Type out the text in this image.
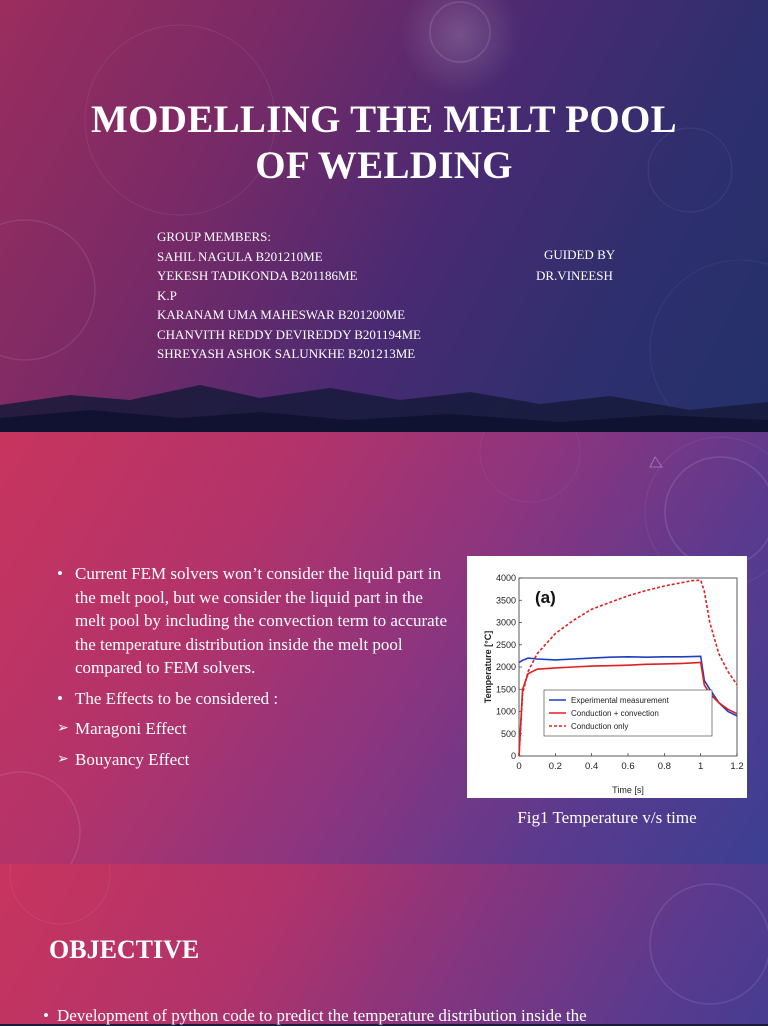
MODELLING THE MELT POOL
OF WELDING
GROUP MEMBERS:
SAHIL NAGULA B201210ME
YEKESH TADIKONDA B201186ME
K.P
KARANAM UMA MAHESWAR B201200ME
CHANVITH REDDY DEVIREDDY B201194ME
SHREYASH ASHOK SALUNKHE B201213ME
GUIDED BY
DR.VINEESH
• Current FEM solvers won’t consider the liquid part in the melt pool, but we consider the liquid part in the melt pool by including the convection term to accurate the temperature distribution inside the melt pool compared to FEM solvers.
• The Effects to be considered :
➢ Maragoni Effect
➢ Bouyancy Effect	0
500
1000
1500
2000
2500
3000
3500
4000
0	0.2 0.4 0.6 0.8	1	1.2
Time [s]
Temperature [°C]
(a)
Experimental measurement
Conduction + convection
Conduction only
Fig1 Temperature v/s time
OBJECTIVE
• Development of python code to predict the temperature distribution inside the
